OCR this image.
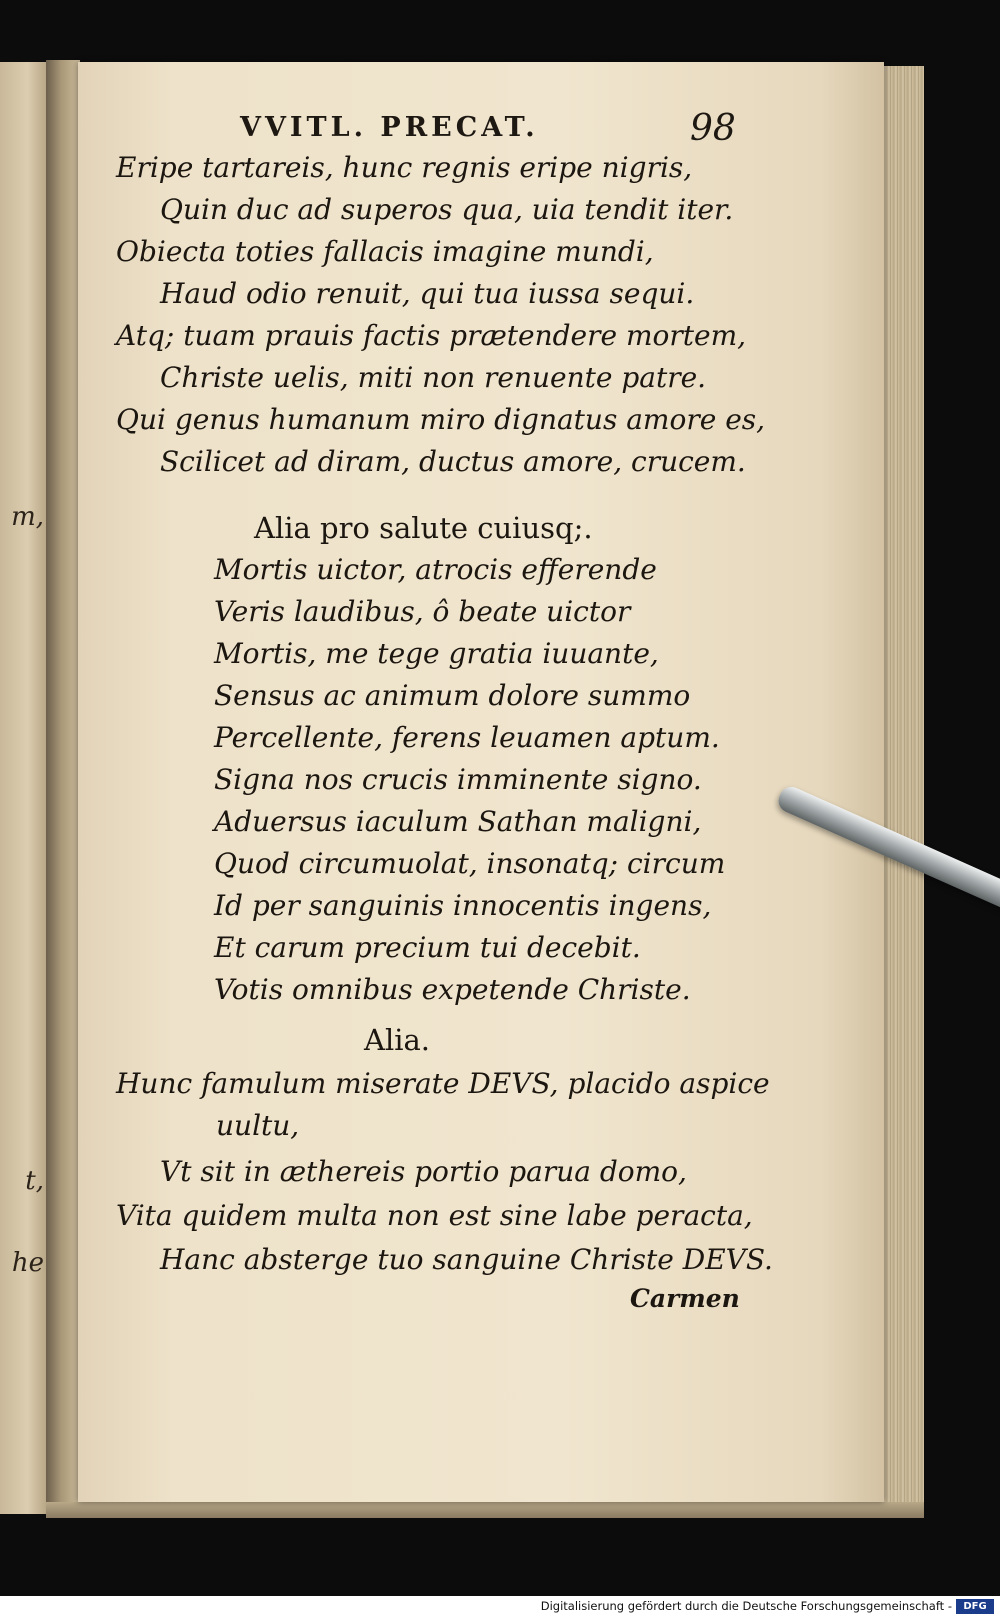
m,
t,
he
VVITL. PRECAT.	98
Eripe tartareis, hunc regnis eripe nigris,
Quin duc ad superos qua, uia tendit iter.
Obiecta toties fallacis imagine mundi,
Haud odio renuit, qui tua iussa sequi.
Atq; tuam prauis factis prætendere mortem,
Christe uelis, miti non renuente patre.
Qui genus humanum miro dignatus amore es,
Scilicet ad diram, ductus amore, crucem.
Alia pro salute cuiusq;.
Mortis uictor, atrocis efferende
Veris laudibus, ô beate uictor
Mortis, me tege gratia iuuante,
Sensus ac animum dolore summo
Percellente, ferens leuamen aptum.
Signa nos crucis imminente signo.
Aduersus iaculum Sathan maligni,
Quod circumuolat, insonatq; circum
Id per sanguinis innocentis ingens,
Et carum precium tui decebit.
Votis omnibus expetende Christe.
Alia.
Hunc famulum miserate DEVS, placido aspice
uultu,
Vt sit in æthereis portio parua domo,
Vita quidem multa non est sine labe peracta,
Hanc absterge tuo sanguine Christe DEVS.
Carmen
Digitalisierung gefördert durch die Deutsche Forschungsgemeinschaft -	DFG
